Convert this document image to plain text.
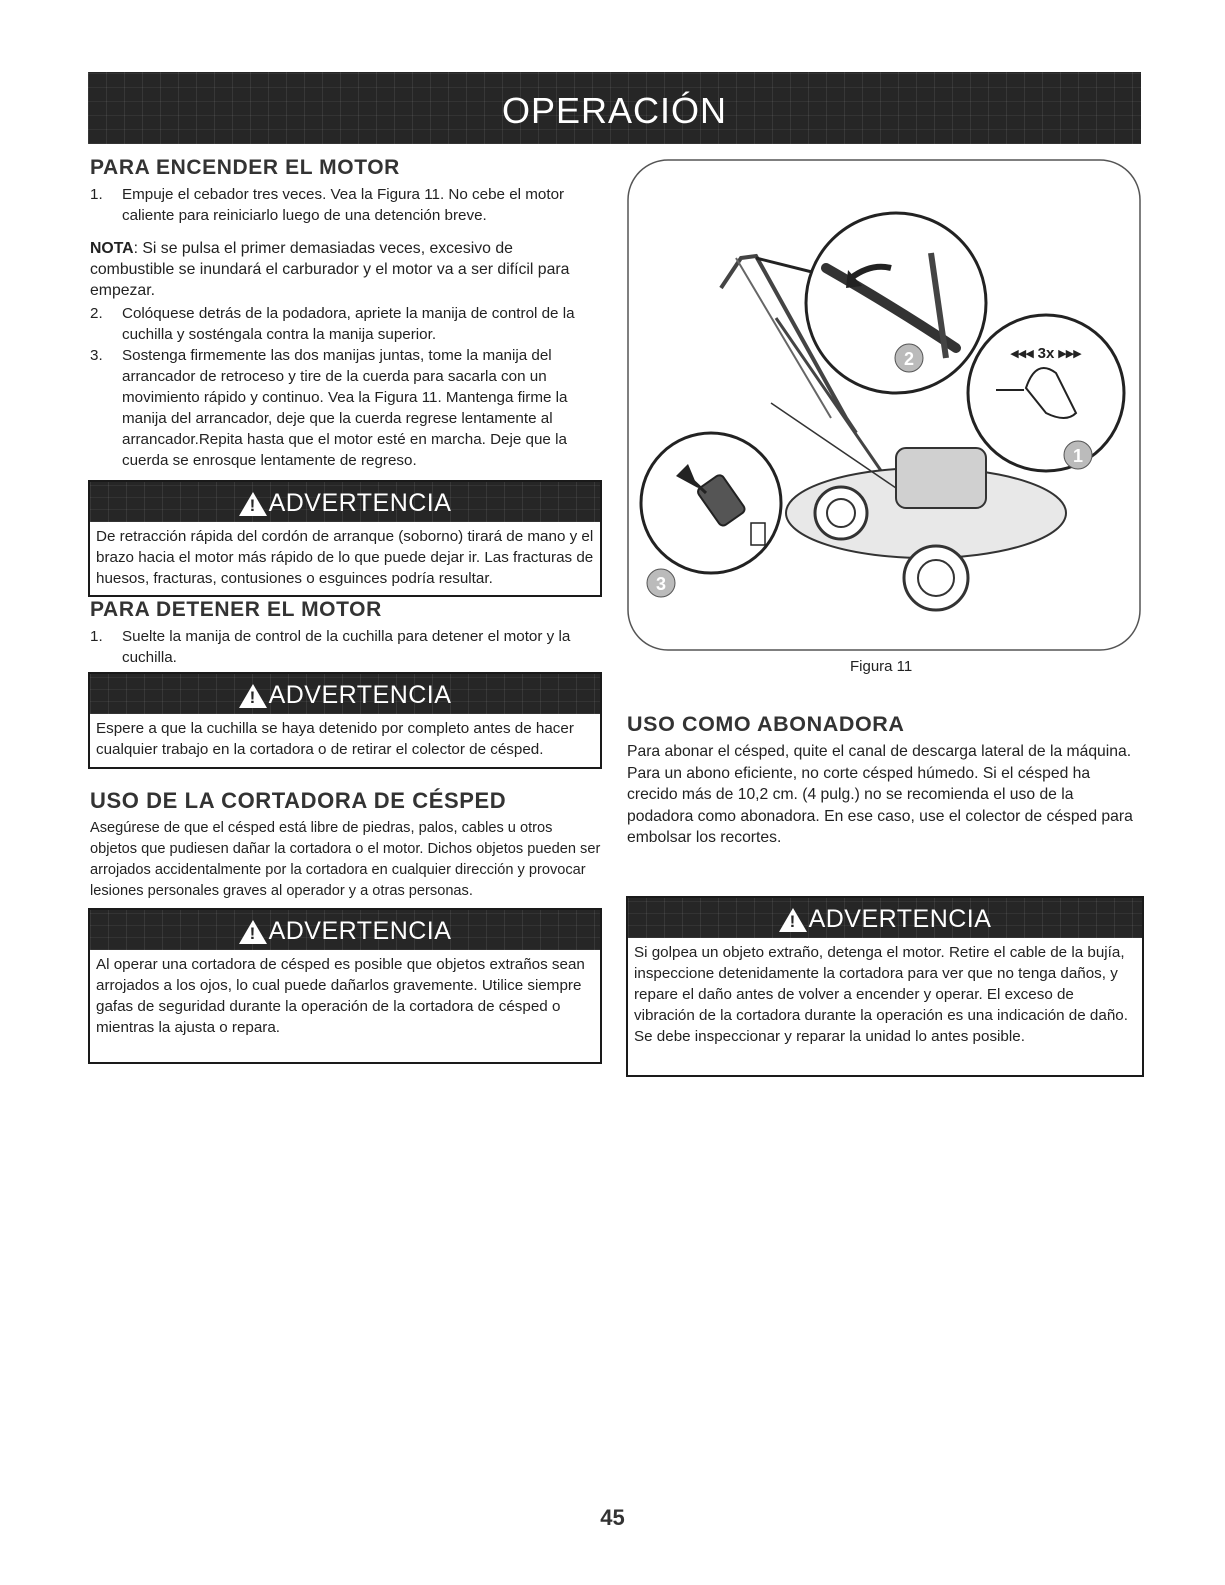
OPERACIÓN
PARA ENCENDER EL MOTOR
1. Empuje el cebador tres veces. Vea la Figura 11. No cebe el motor caliente para reiniciarlo luego de una detención breve.
NOTA: Si se pulsa el primer demasiadas veces, excesivo de combustible se inundará el carburador y el motor va a ser difícil para empezar.
2. Colóquese detrás de la podadora, apriete la manija de control de la cuchilla y sosténgala contra la manija superior.
3. Sostenga firmemente las dos manijas juntas, tome la manija del arrancador de retroceso y tire de la cuerda para sacarla con un movimiento rápido y continuo. Vea la Figura 11. Mantenga firme la manija del arrancador, deje que la cuerda regrese lentamente al arrancador.Repita hasta que el motor esté en marcha. Deje que la cuerda se enrosque lentamente de regreso.
! ADVERTENCIA
De retracción rápida del cordón de arranque (soborno) tirará de mano y el brazo hacia el motor más rápido de lo que puede dejar ir. Las fracturas de huesos, fracturas, contusiones o esguinces podría resultar.
PARA DETENER EL MOTOR
1. Suelte la manija de control de la cuchilla para detener el motor y la cuchilla.
! ADVERTENCIA
Espere a que la cuchilla se haya detenido por completo antes de hacer cualquier trabajo en la cortadora o de retirar el colector de césped.
USO DE LA CORTADORA DE CÉSPED
Asegúrese de que el césped está libre de piedras, palos, cables u otros objetos que pudiesen dañar la cortadora o el motor. Dichos objetos pueden ser arrojados accidentalmente por la cortadora en cualquier dirección y provocar lesiones personales graves al operador y a otras personas.
! ADVERTENCIA
Al operar una cortadora de césped es posible que objetos extraños sean arrojados a los ojos, lo cual puede dañarlos gravemente. Utilice siempre gafas de seguridad durante la operación de la cortadora de césped o mientras la ajusta o repara.
2
1
3
◂◂◂ 3x ▸▸▸
Figura 11
USO COMO ABONADORA
Para abonar el césped, quite el canal de descarga lateral de la máquina. Para un abono eficiente, no corte césped húmedo. Si el césped ha crecido más de 10,2 cm. (4 pulg.) no se recomienda el uso de la podadora como abonadora. En ese caso, use el colector de césped para embolsar los recortes.
! ADVERTENCIA
Si golpea un objeto extraño, detenga el motor. Retire el cable de la bujía, inspeccione detenidamente la cortadora para ver que no tenga daños, y repare el daño antes de volver a encender y operar. El exceso de vibración de la cortadora durante la operación es una indicación de daño. Se debe inspeccionar y reparar la unidad lo antes posible.
45
